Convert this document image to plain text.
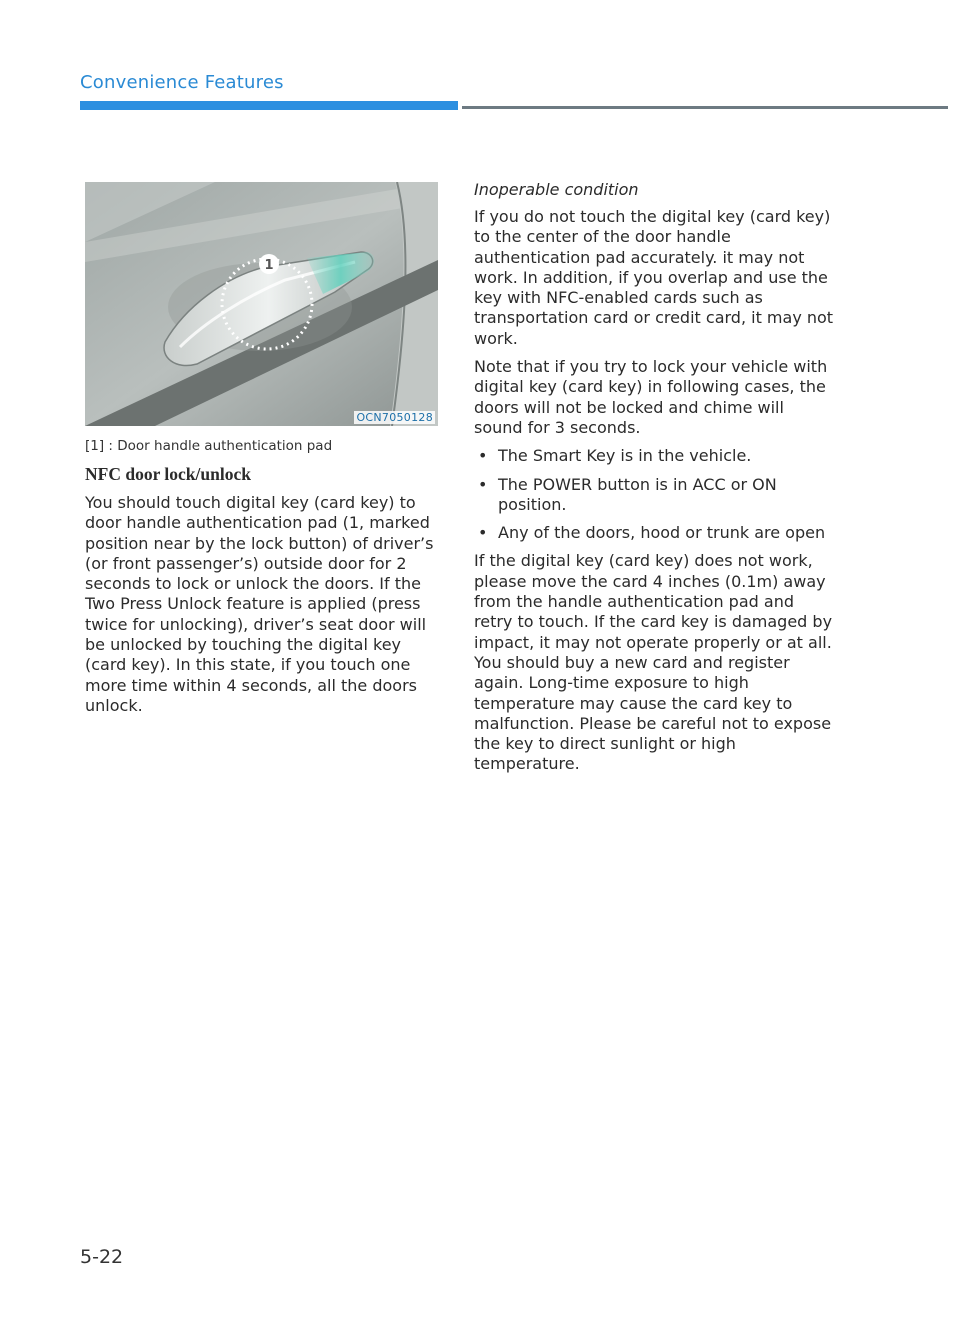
Convenience Features
1
OCN7050128
[1] : Door handle authentication pad
NFC door lock/unlock

You should touch digital key (card key) to door handle authentication pad (1, marked position near by the lock button) of driver’s (or front passenger’s) outside door for 2 seconds to lock or unlock the doors. If the Two Press Unlock feature is applied (press twice for unlocking), driver’s seat door will be unlocked by touching the digital key (card key). In this state, if you touch one more time within 4 seconds, all the doors unlock.

Inoperable condition

If you do not touch the digital key (card key) to the center of the door handle authentication pad accurately. it may not work. In addition, if you overlap and use the key with NFC-enabled cards such as transportation card or credit card, it may not work.

Note that if you try to lock your vehicle with digital key (card key) in following cases, the doors will not be locked and chime will sound for 3 seconds.

• The Smart Key is in the vehicle.
• The POWER button is in ACC or ON position.
• Any of the doors, hood or trunk are open

If the digital key (card key) does not work, please move the card 4 inches (0.1m) away from the handle authentication pad and retry to touch. If the card key is damaged by impact, it may not operate properly or at all. You should buy a new card and register again. Long-time exposure to high temperature may cause the card key to malfunction. Please be careful not to expose the key to direct sunlight or high temperature.

5-22
